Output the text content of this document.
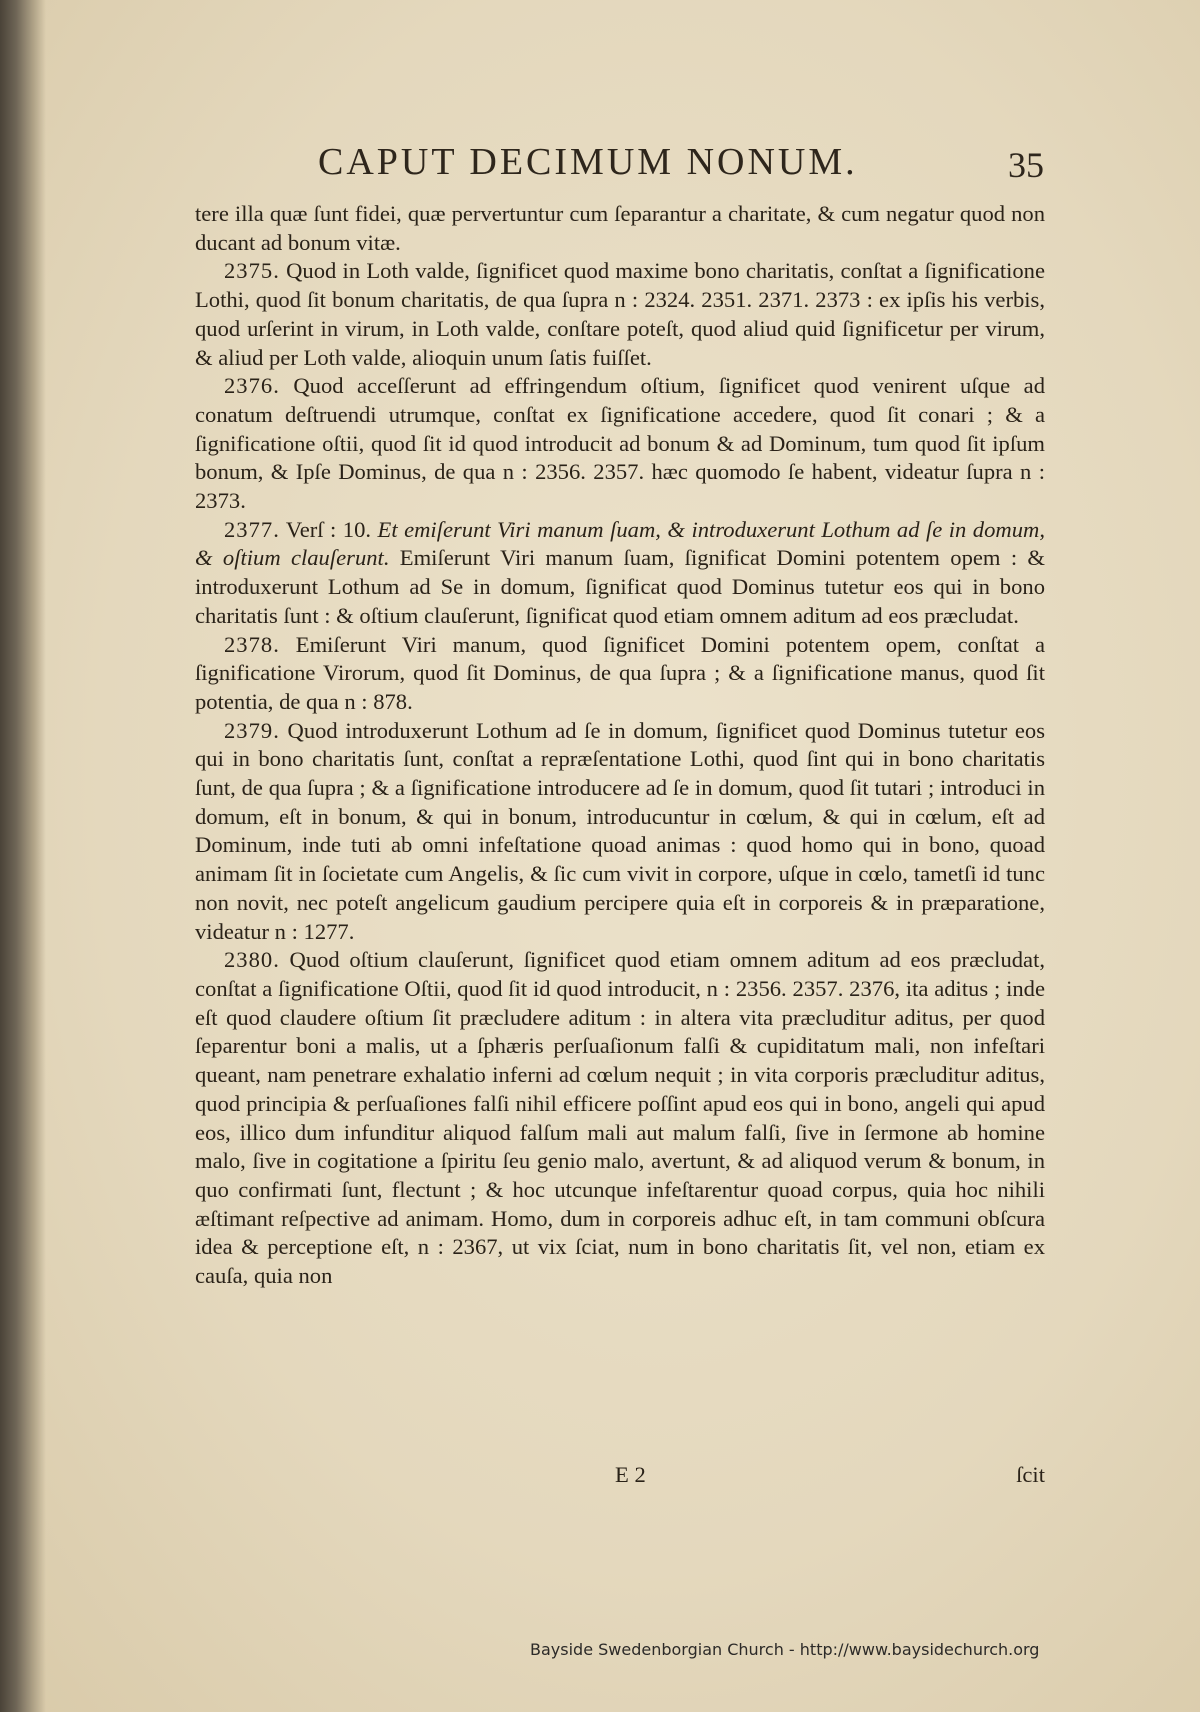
CAPUT DECIMUM NONUM.	35

tere illa quæ ſunt fidei, quæ pervertuntur cum ſeparantur a charitate, & cum negatur quod non ducant ad bonum vitæ.

2375. Quod in Loth valde, ſignificet quod maxime bono charitatis, conſtat a ſignificatione Lothi, quod ſit bonum charitatis, de qua ſupra n : 2324. 2351. 2371. 2373 : ex ipſis his verbis, quod urſerint in virum, in Loth valde, conſtare poteſt, quod aliud quid ſignificetur per virum, & aliud per Loth valde, alioquin unum ſatis fuiſſet.

2376. Quod acceſſerunt ad effringendum oſtium, ſignificet quod venirent uſque ad conatum deſtruendi utrumque, conſtat ex ſignificatione accedere, quod ſit conari ; & a ſignificatione oſtii, quod ſit id quod introducit ad bonum & ad Dominum, tum quod ſit ipſum bonum, & Ipſe Dominus, de qua n : 2356. 2357. hæc quomodo ſe habent, videatur ſupra n : 2373.

2377. Verſ : 10. Et emiſerunt Viri manum ſuam, & introduxerunt Lothum ad ſe in domum, & oſtium clauſerunt. Emiſerunt Viri manum ſuam, ſignificat Domini potentem opem : & introduxerunt Lothum ad Se in domum, ſignificat quod Dominus tutetur eos qui in bono charitatis ſunt : & oſtium clauſerunt, ſignificat quod etiam omnem aditum ad eos præcludat.

2378. Emiſerunt Viri manum, quod ſignificet Domini potentem opem, conſtat a ſignificatione Virorum, quod ſit Dominus, de qua ſupra ; & a ſignificatione manus, quod ſit potentia, de qua n : 878.

2379. Quod introduxerunt Lothum ad ſe in domum, ſignificet quod Dominus tutetur eos qui in bono charitatis ſunt, conſtat a repræſentatione Lothi, quod ſint qui in bono charitatis ſunt, de qua ſupra ; & a ſignificatione introducere ad ſe in domum, quod ſit tutari ; introduci in domum, eſt in bonum, & qui in bonum, introducuntur in cœlum, & qui in cœlum, eſt ad Dominum, inde tuti ab omni infeſtatione quoad animas : quod homo qui in bono, quoad animam ſit in ſocietate cum Angelis, & ſic cum vivit in corpore, uſque in cœlo, tametſi id tunc non novit, nec poteſt angelicum gaudium percipere quia eſt in corporeis & in præparatione, videatur n : 1277.

2380. Quod oſtium clauſerunt, ſignificet quod etiam omnem aditum ad eos præcludat, conſtat a ſignificatione Oſtii, quod ſit id quod introducit, n : 2356. 2357. 2376, ita aditus ; inde eſt quod claudere oſtium ſit præcludere aditum : in altera vita præcluditur aditus, per quod ſeparentur boni a malis, ut a ſphæris perſuaſionum falſi & cupiditatum mali, non infeſtari queant, nam penetrare exhalatio inferni ad cœlum nequit ; in vita corporis præcluditur aditus, quod principia & perſuaſiones falſi nihil efficere poſſint apud eos qui in bono, angeli qui apud eos, illico dum infunditur aliquod falſum mali aut malum falſi, ſive in ſermone ab homine malo, ſive in cogitatione a ſpiritu ſeu genio malo, avertunt, & ad aliquod verum & bonum, in quo confirmati ſunt, flectunt ; & hoc utcunque infeſtarentur quoad corpus, quia hoc nihili æſtimant reſpective ad animam. Homo, dum in corporeis adhuc eſt, in tam communi obſcura idea & perceptione eſt, n : 2367, ut vix ſciat, num in bono charitatis ſit, vel non, etiam ex cauſa, quia non

E 2	ſcit
Bayside Swedenborgian Church - http://www.baysidechurch.org
